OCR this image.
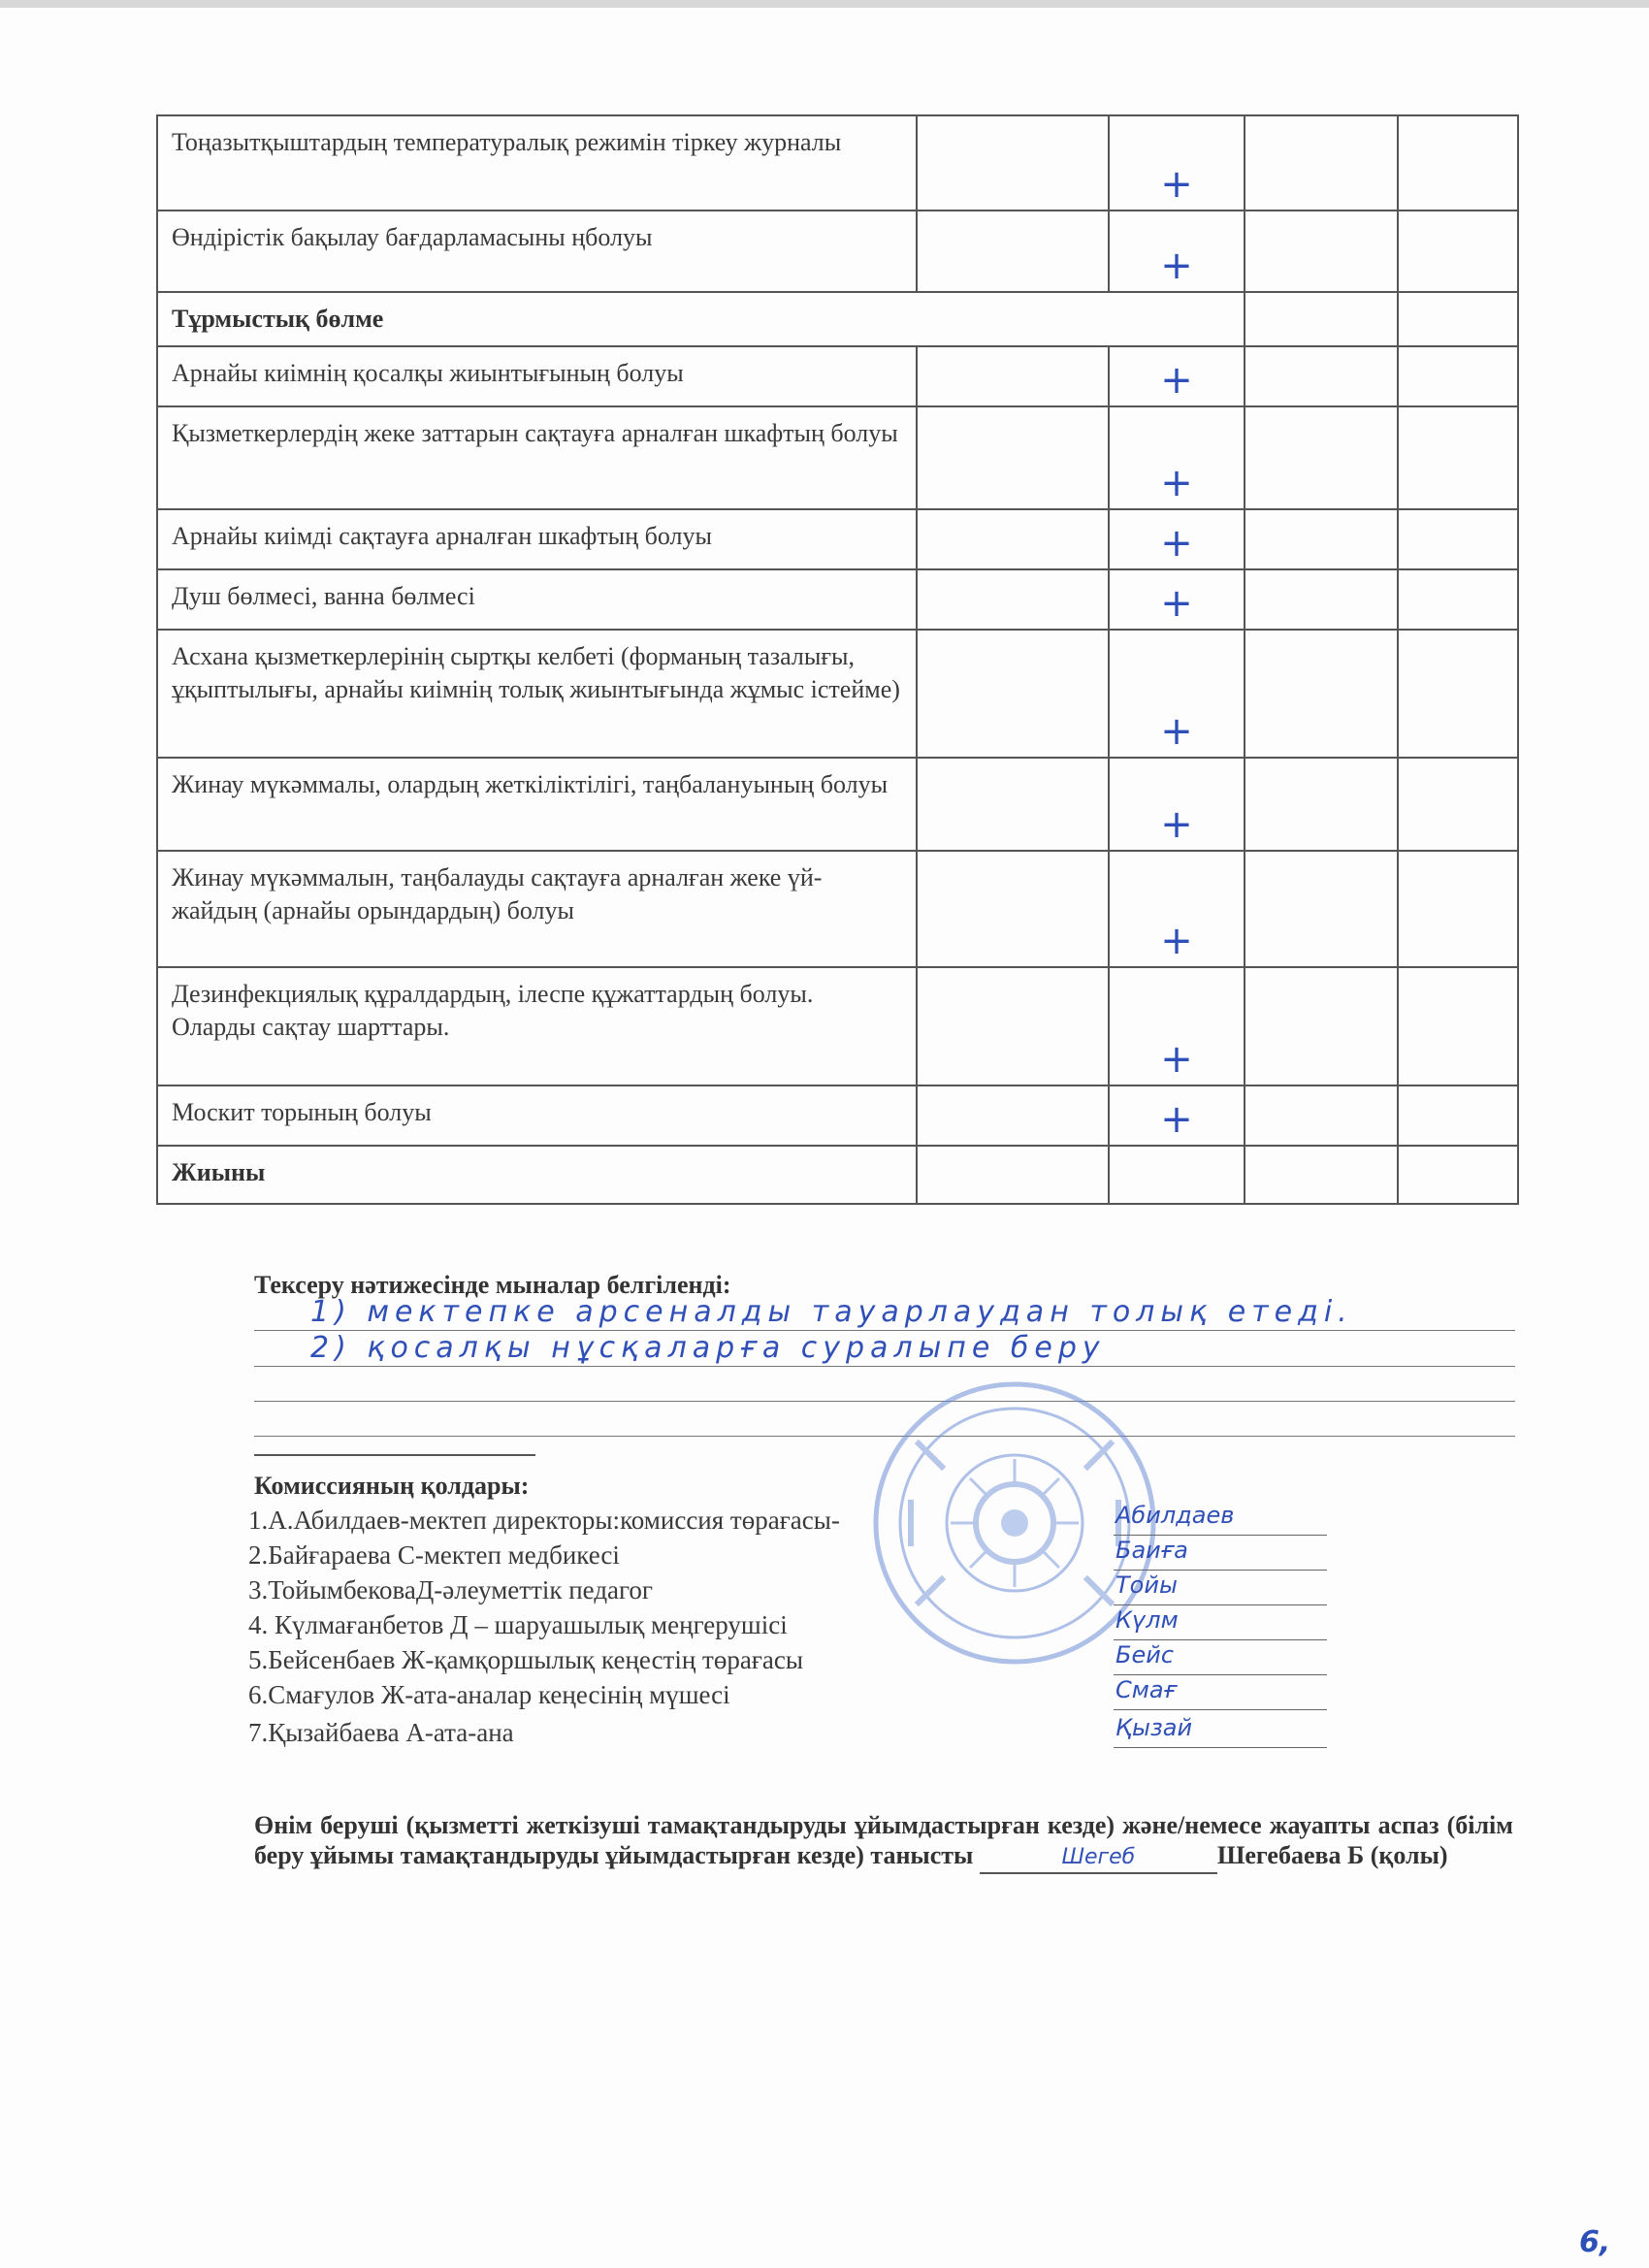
Тоңазытқыштардың температуралық режимін тіркеу журналы		+		
Өндірістік бақылау бағдарламасыны ңболуы		+		
Тұрмыстық бөлме				
Арнайы киімнің қосалқы жиынтығының болуы		+		
Қызметкерлердің жеке заттарын сақтауға арналған шкафтың болуы		+		
Арнайы киімді сақтауға арналған шкафтың болуы		+		
Душ бөлмесі, ванна бөлмесі		+		
Асхана қызметкерлерінің сыртқы келбеті (форманың тазалығы, ұқыптылығы, арнайы киімнің толық жиынтығында жұмыс істейме)		+		
Жинау мүкәммалы, олардың жеткіліктілігі, таңбалануының болуы		+		
Жинау мүкәммалын, таңбалауды сақтауға арналған жеке үй-жайдың (арнайы орындардың) болуы		+		
Дезинфекциялық құралдардың, ілеспе құжаттардың болуы. Оларды сақтау шарттары.		+		
Москит торының болуы		+		
Жиыны				
Тексеру нәтижесінде мыналар белгіленді:
1) мектепке арсеналды тауарлаудан толық етеді.
2) қосалқы нұсқаларға суралыпе беру
Комиссияның қолдары:
1.А.Абилдаев-мектеп директоры:комиссия төрағасы-	Абилдаев
2.Байғараева С-мектеп медбикесі	Баиға
3.ТойымбековаД-әлеуметтік педагог	Тойы
4. Күлмағанбетов Д – шаруашылық меңгерушісі	Күлм
5.Бейсенбаев Ж-қамқоршылық кеңестің төрағасы	Бейс
6.Смағулов Ж-ата-аналар кеңесінің мүшесі	Смағ
7.Қызайбаева А-ата-ана	Қызай
Өнім беруші (қызметті жеткізуші тамақтандыруды ұйымдастырған кезде) және/немесе жауапты аспаз (білім беру ұйымы тамақтандыруды ұйымдастырған кезде) танысты	Шегеб	Шегебаева Б (қолы)
6,
